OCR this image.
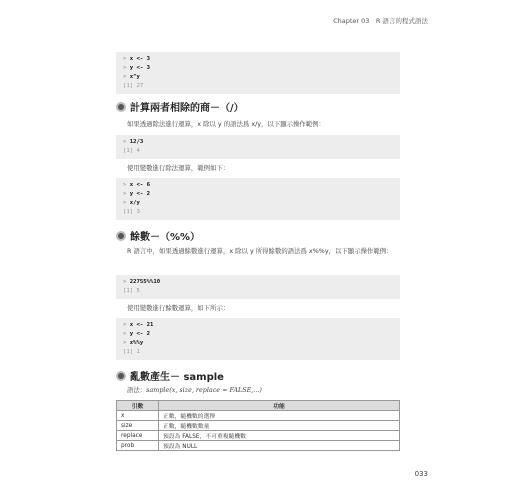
Chapter 03　R 語言的程式語法
> x <- 3
> y <- 3
> x^y
[1] 27
計算兩者相除的商－（/）
如果透過除法進行運算，x 除以 y 的語法爲 x/y，以下顯示操作範例：
> 12/3
[1] 4
使用變數進行除法運算，範例如下：
> x <- 6
> y <- 2
> x/y
[1] 3
餘數－（%%）
R 語言中，如果透過餘數進行運算，x 除以 y 所得餘數的語法爲 x%%y，以下顯示操作範例：
> 22755%%10
[1] 5
使用變數進行餘數運算，如下所示：
> x <- 21
> y <- 2
> x%%y
[1] 1
亂數產生－ sample
語法：sample(x, size, replace = FALSE,...)
引數	功能
x	正數，隨機數的選擇
size	正數，隨機數數量
replace	預設為 FALSE，不可重複隨機數
prob	預設為 NULL
033
